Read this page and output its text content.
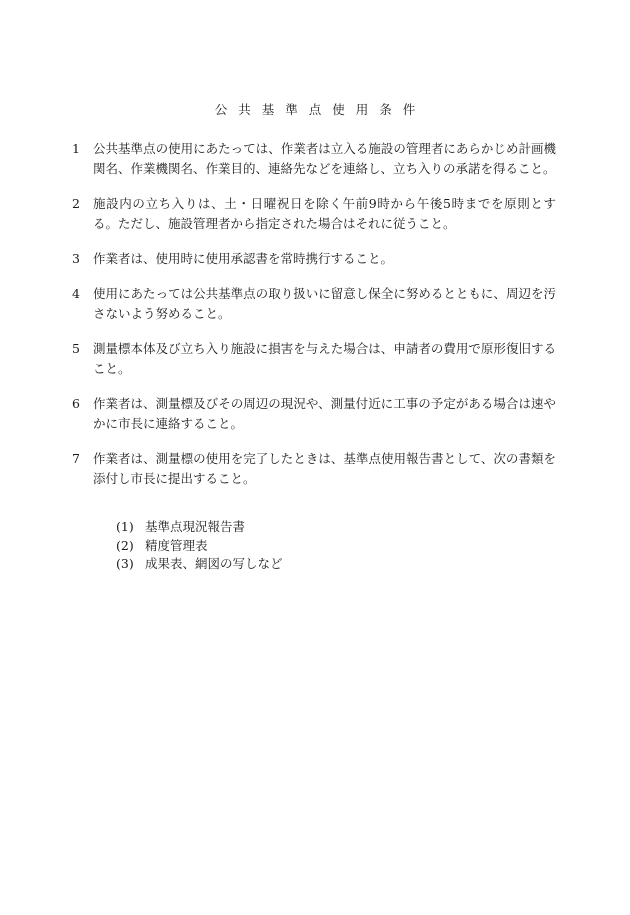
公共基準点使用条件
1	公共基準点の使用にあたっては、作業者は立入る施設の管理者にあらかじめ計画機関名、作業機関名、作業目的、連絡先などを連絡し、立ち入りの承諾を得ること。
2	施設内の立ち入りは、土・日曜祝日を除く午前9時から午後5時までを原則とする。ただし、施設管理者から指定された場合はそれに従うこと。
3	作業者は、使用時に使用承認書を常時携行すること。
4	使用にあたっては公共基準点の取り扱いに留意し保全に努めるとともに、周辺を汚さないよう努めること。
5	測量標本体及び立ち入り施設に損害を与えた場合は、申請者の費用で原形復旧すること。
6	作業者は、測量標及びその周辺の現況や、測量付近に工事の予定がある場合は速やかに市長に連絡すること。
7	作業者は、測量標の使用を完了したときは、基準点使用報告書として、次の書類を添付し市長に提出すること。
(1) 基準点現況報告書
(2) 精度管理表
(3) 成果表、網図の写しなど
